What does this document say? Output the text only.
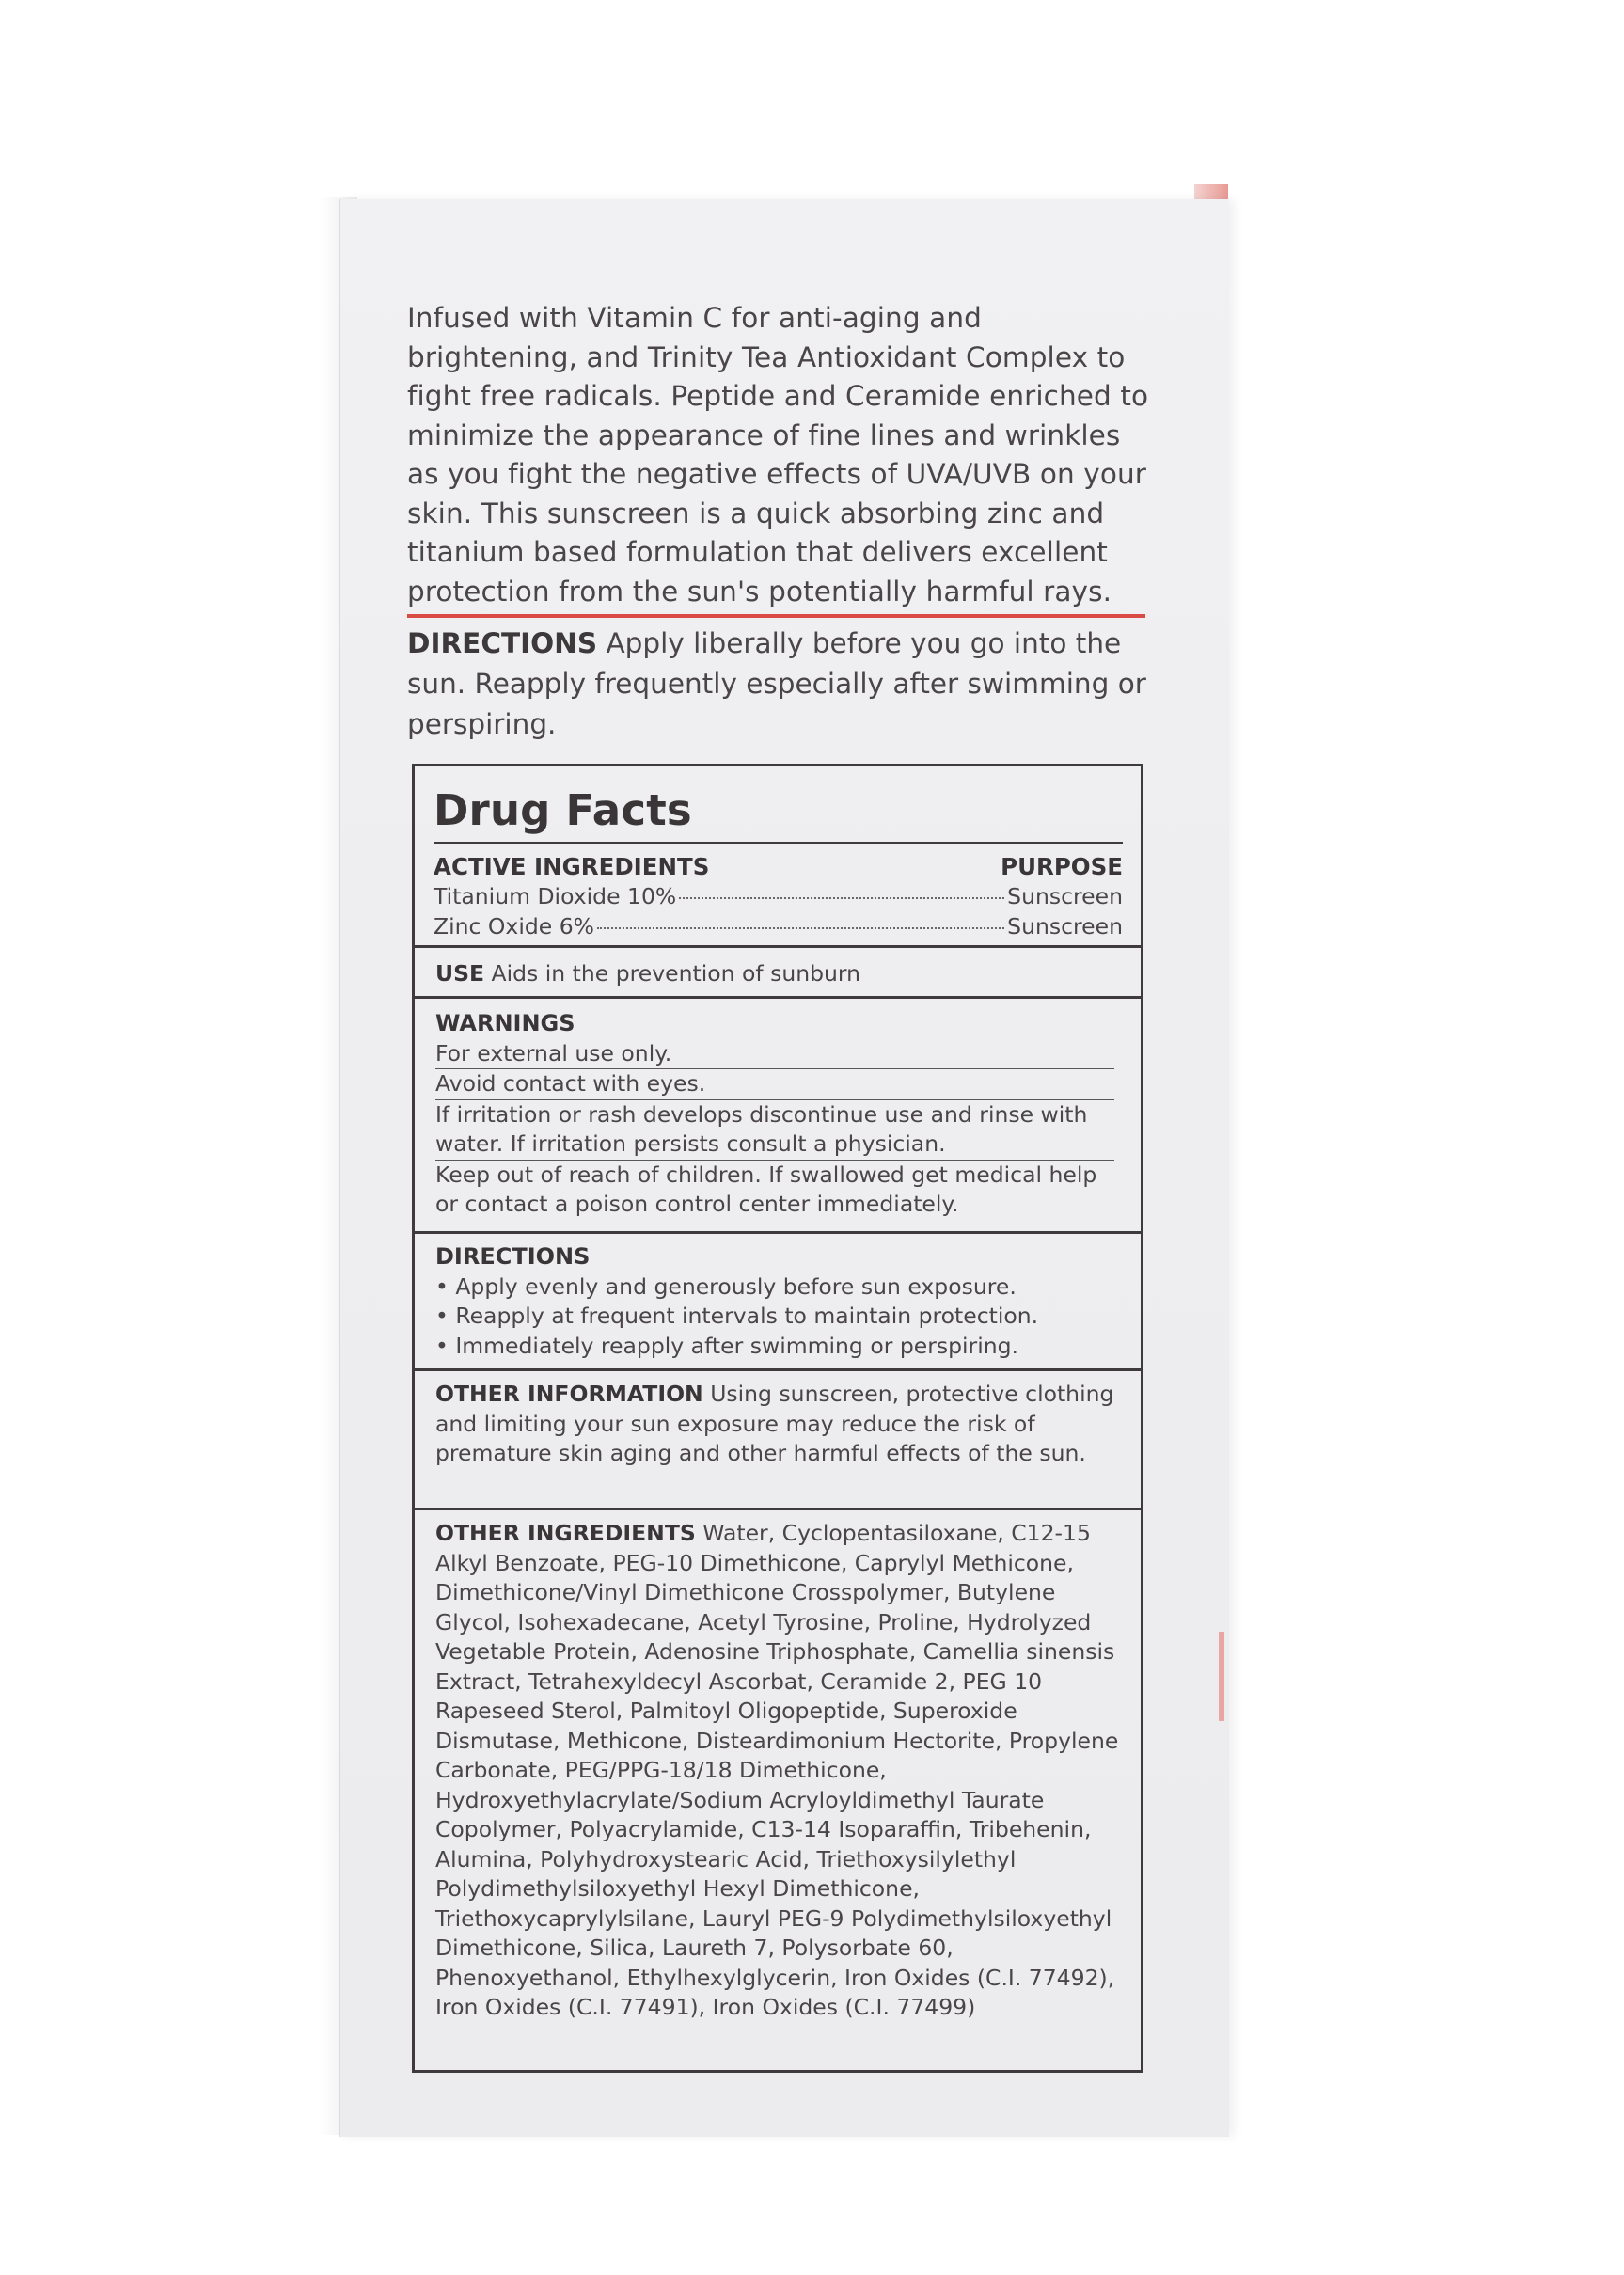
Infused with Vitamin C for anti-aging and brightening, and Trinity Tea Antioxidant Complex to fight free radicals. Peptide and Ceramide enriched to minimize the appearance of fine lines and wrinkles as you fight the negative effects of UVA/UVB on your skin. This sunscreen is a quick absorbing zinc and titanium based formulation that delivers excellent protection from the sun's potentially harmful rays.
DIRECTIONS Apply liberally before you go into the sun. Reapply frequently especially after swimming or perspiring.
Drug Facts
ACTIVE INGREDIENTS	PURPOSE
Titanium Dioxide 10%	Sunscreen
Zinc Oxide 6%	Sunscreen
USE Aids in the prevention of sunburn
WARNINGS
For external use only.
Avoid contact with eyes.
If irritation or rash develops discontinue use and rinse with water. If irritation persists consult a physician.
Keep out of reach of children. If swallowed get medical help or contact a poison control center immediately.
DIRECTIONS
• Apply evenly and generously before sun exposure.
• Reapply at frequent intervals to maintain protection.
• Immediately reapply after swimming or perspiring.
OTHER INFORMATION Using sunscreen, protective clothing and limiting your sun exposure may reduce the risk of premature skin aging and other harmful effects of the sun.
OTHER INGREDIENTS Water, Cyclopentasiloxane, C12-15 Alkyl Benzoate, PEG-10 Dimethicone, Caprylyl Methicone, Dimethicone/Vinyl Dimethicone Crosspolymer, Butylene Glycol, Isohexadecane, Acetyl Tyrosine, Proline, Hydrolyzed Vegetable Protein, Adenosine Triphosphate, Camellia sinensis Extract, Tetrahexyldecyl Ascorbat, Ceramide 2, PEG 10 Rapeseed Sterol, Palmitoyl Oligopeptide, Superoxide Dismutase, Methicone, Disteardimonium Hectorite, Propylene Carbonate, PEG/PPG-18/18 Dimethicone, Hydroxyethylacrylate/Sodium Acryloyldimethyl Taurate Copolymer, Polyacrylamide, C13-14 Isoparaffin, Tribehenin, Alumina, Polyhydroxystearic Acid, Triethoxysilylethyl Polydimethylsiloxyethyl Hexyl Dimethicone, Triethoxycaprylylsilane, Lauryl PEG-9 Polydimethylsiloxyethyl Dimethicone, Silica, Laureth 7, Polysorbate 60, Phenoxyethanol, Ethylhexylglycerin, Iron Oxides (C.I. 77492), Iron Oxides (C.I. 77491), Iron Oxides (C.I. 77499)
